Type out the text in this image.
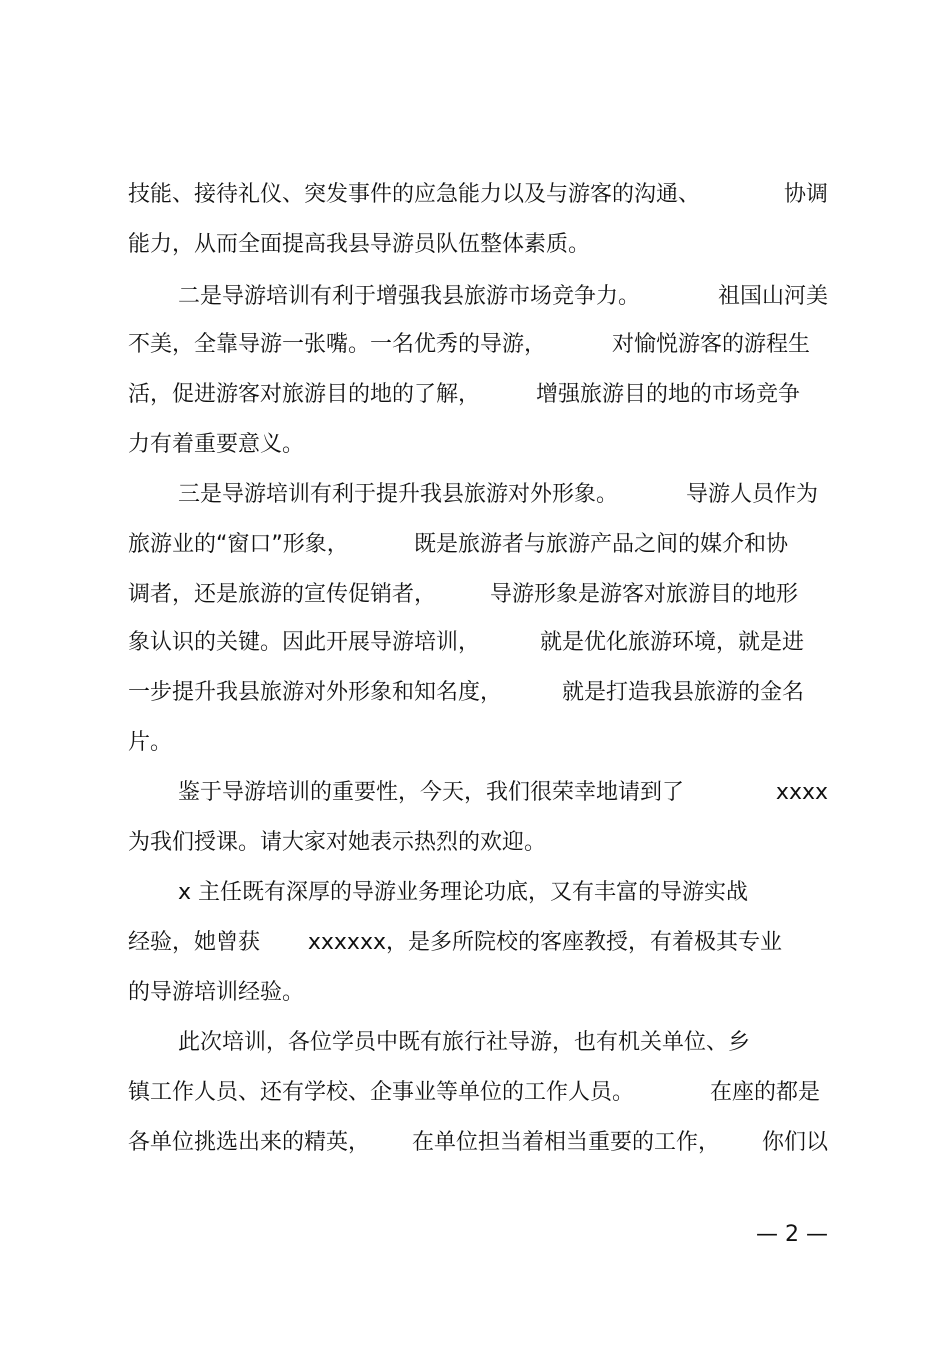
技能、接待礼仪、突发事件的应急能力以及与游客的沟通、	协调
能力，从而全面提高我县导游员队伍整体素质。
二是导游培训有利于增强我县旅游市场竞争力。	祖国山河美
不美，全靠导游一张嘴。一名优秀的导游，	对愉悦游客的游程生
活，促进游客对旅游目的地的了解，	增强旅游目的地的市场竞争
力有着重要意义。
三是导游培训有利于提升我县旅游对外形象。	导游人员作为
旅游业的“窗口”形象，	既是旅游者与旅游产品之间的媒介和协
调者，还是旅游的宣传促销者， 导游形象是游客对旅游目的地形
象认识的关键。因此开展导游培训，	就是优化旅游环境，就是进
一步提升我县旅游对外形象和知名度，	就是打造我县旅游的金名
片。
鉴于导游培训的重要性，今天，我们很荣幸地请到了	xxxx
为我们授课。请大家对她表示热烈的欢迎。
x 主任既有深厚的导游业务理论功底，又有丰富的导游实战
经验，她曾获 xxxxxx，是多所院校的客座教授，有着极其专业
的导游培训经验。
此次培训，各位学员中既有旅行社导游，也有机关单位、乡
镇工作人员、还有学校、企事业等单位的工作人员。	在座的都是
各单位挑选出来的精英， 在单位担当着相当重要的工作， 你们以
— 2 —
